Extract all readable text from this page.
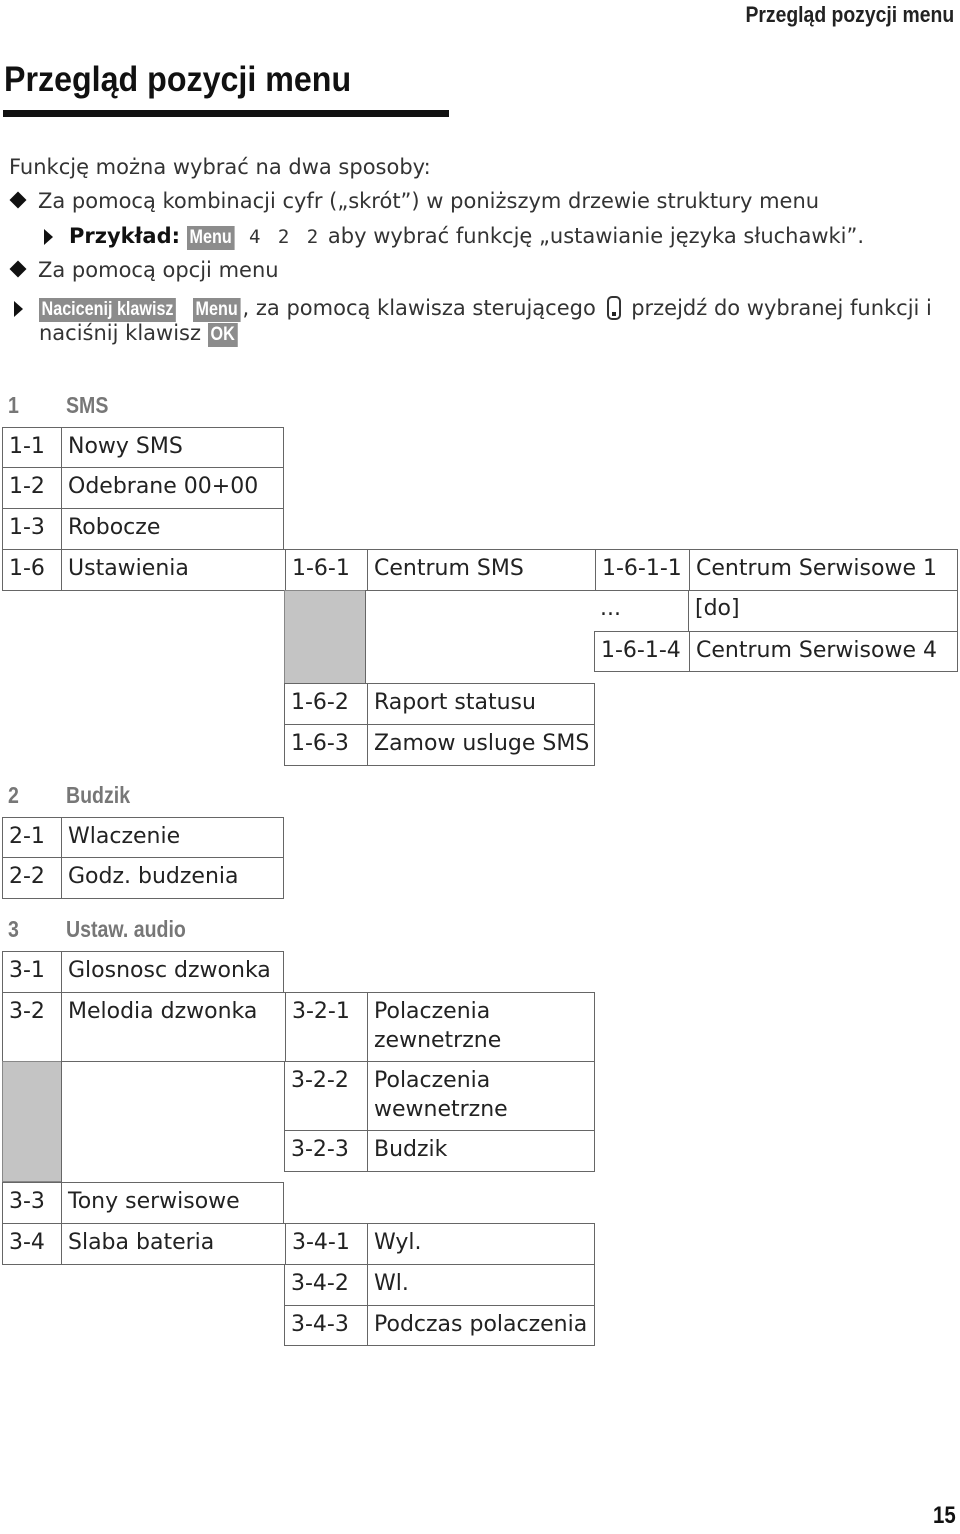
Przegląd pozycji menu
Przegląd pozycji menu
Funkcję można wybrać na dwa sposoby:
Za pomocą kombinacji cyfr („skrót”) w poniższym drzewie struktury menu
Przykład: Menu 4 2 2 aby wybrać funkcję „ustawianie języka słuchawki”.
Za pomocą opcji menu
Nacicenij klawisz Menu , za pomocą klawisza sterującego przejdź do wybranej funkcji i
naciśnij klawisz OK
1 SMS
1-1	Nowy SMS
1-2	Odebrane 00+00
1-3	Robocze
1-6	Ustawienia	1-6-1	Centrum SMS	1-6-1-1 Centrum Serwisowe 1
...	[do]
1-6-1-4 Centrum Serwisowe 4
1-6-2	Raport statusu
1-6-3	Zamow usluge SMS
2 Budzik
2-1	Wlaczenie
2-2	Godz. budzenia
3 Ustaw. audio
3-1	Glosnosc dzwonka
3-2	Melodia dzwonka	3-2-1	Polaczenia
zewnetrzne
3-2-2	Polaczenia
wewnetrzne
3-2-3	Budzik
3-3	Tony serwisowe
3-4	Slaba bateria	3-4-1	Wyl.
3-4-2	Wl.
3-4-3	Podczas polaczenia
15
